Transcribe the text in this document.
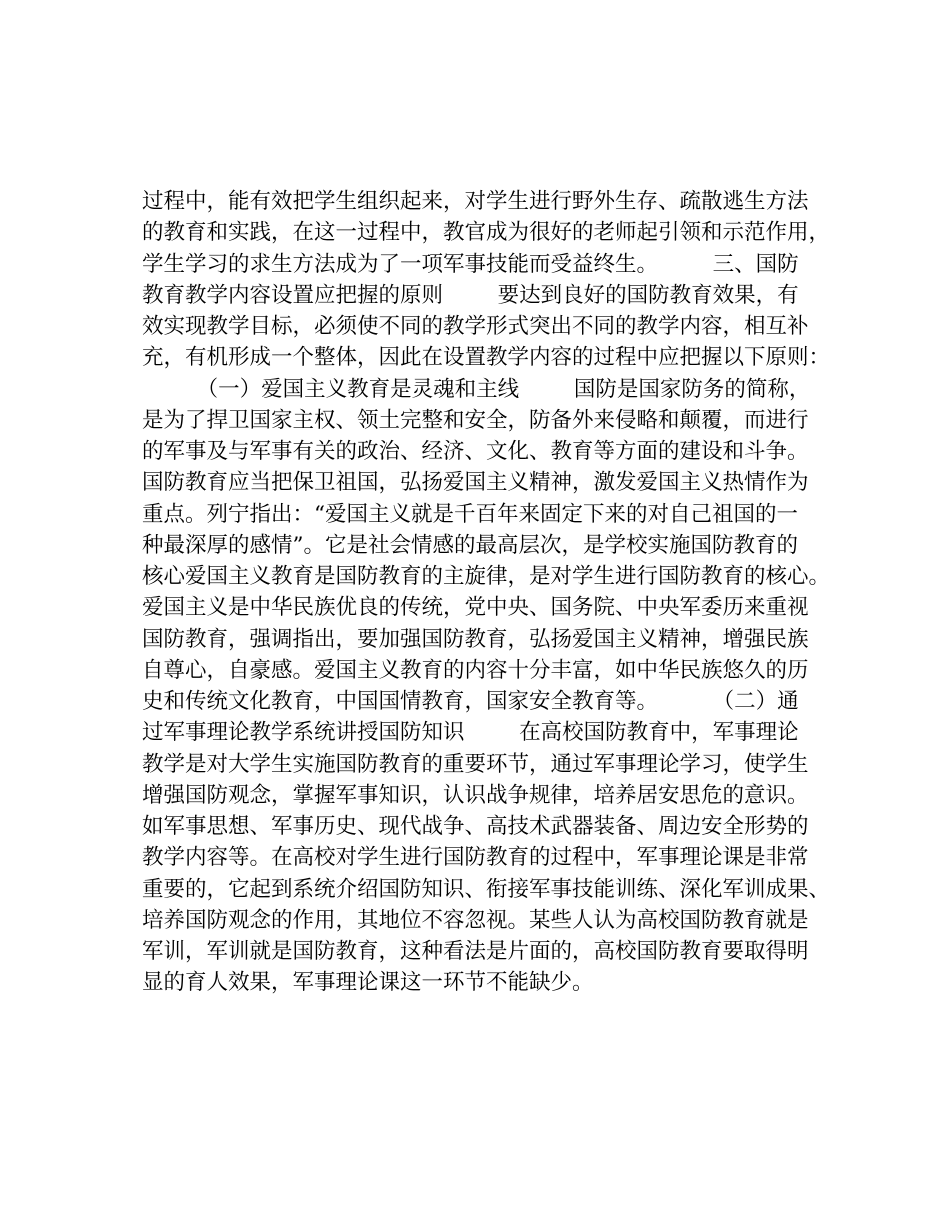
过程中，能有效把学生组织起来，对学生进行野外生存、疏散逃生方法
的教育和实践，在这一过程中，教官成为很好的老师起引领和示范作用，
学生学习的求生方法成为了一项军事技能而受益终生。        三、国防
教育教学内容设置应把握的原则        要达到良好的国防教育效果，有
效实现教学目标，必须使不同的教学形式突出不同的教学内容，相互补
充，有机形成一个整体，因此在设置教学内容的过程中应把握以下原则：
（一）爱国主义教育是灵魂和主线        国防是国家防务的简称，
是为了捍卫国家主权、领土完整和安全，防备外来侵略和颠覆，而进行
的军事及与军事有关的政治、经济、文化、教育等方面的建设和斗争。
国防教育应当把保卫祖国，弘扬爱国主义精神，激发爱国主义热情作为
重点。列宁指出：“爱国主义就是千百年来固定下来的对自己祖国的一
种最深厚的感情”。它是社会情感的最高层次，是学校实施国防教育的
核心爱国主义教育是国防教育的主旋律，是对学生进行国防教育的核心。
爱国主义是中华民族优良的传统，党中央、国务院、中央军委历来重视
国防教育，强调指出，要加强国防教育，弘扬爱国主义精神，增强民族
自尊心，自豪感。爱国主义教育的内容十分丰富，如中华民族悠久的历
史和传统文化教育，中国国情教育，国家安全教育等。        （二）通
过军事理论教学系统讲授国防知识        在高校国防教育中，军事理论
教学是对大学生实施国防教育的重要环节，通过军事理论学习，使学生
增强国防观念，掌握军事知识，认识战争规律，培养居安思危的意识。
如军事思想、军事历史、现代战争、高技术武器装备、周边安全形势的
教学内容等。在高校对学生进行国防教育的过程中，军事理论课是非常
重要的，它起到系统介绍国防知识、衔接军事技能训练、深化军训成果、
培养国防观念的作用，其地位不容忽视。某些人认为高校国防教育就是
军训，军训就是国防教育，这种看法是片面的，高校国防教育要取得明
显的育人效果，军事理论课这一环节不能缺少。
